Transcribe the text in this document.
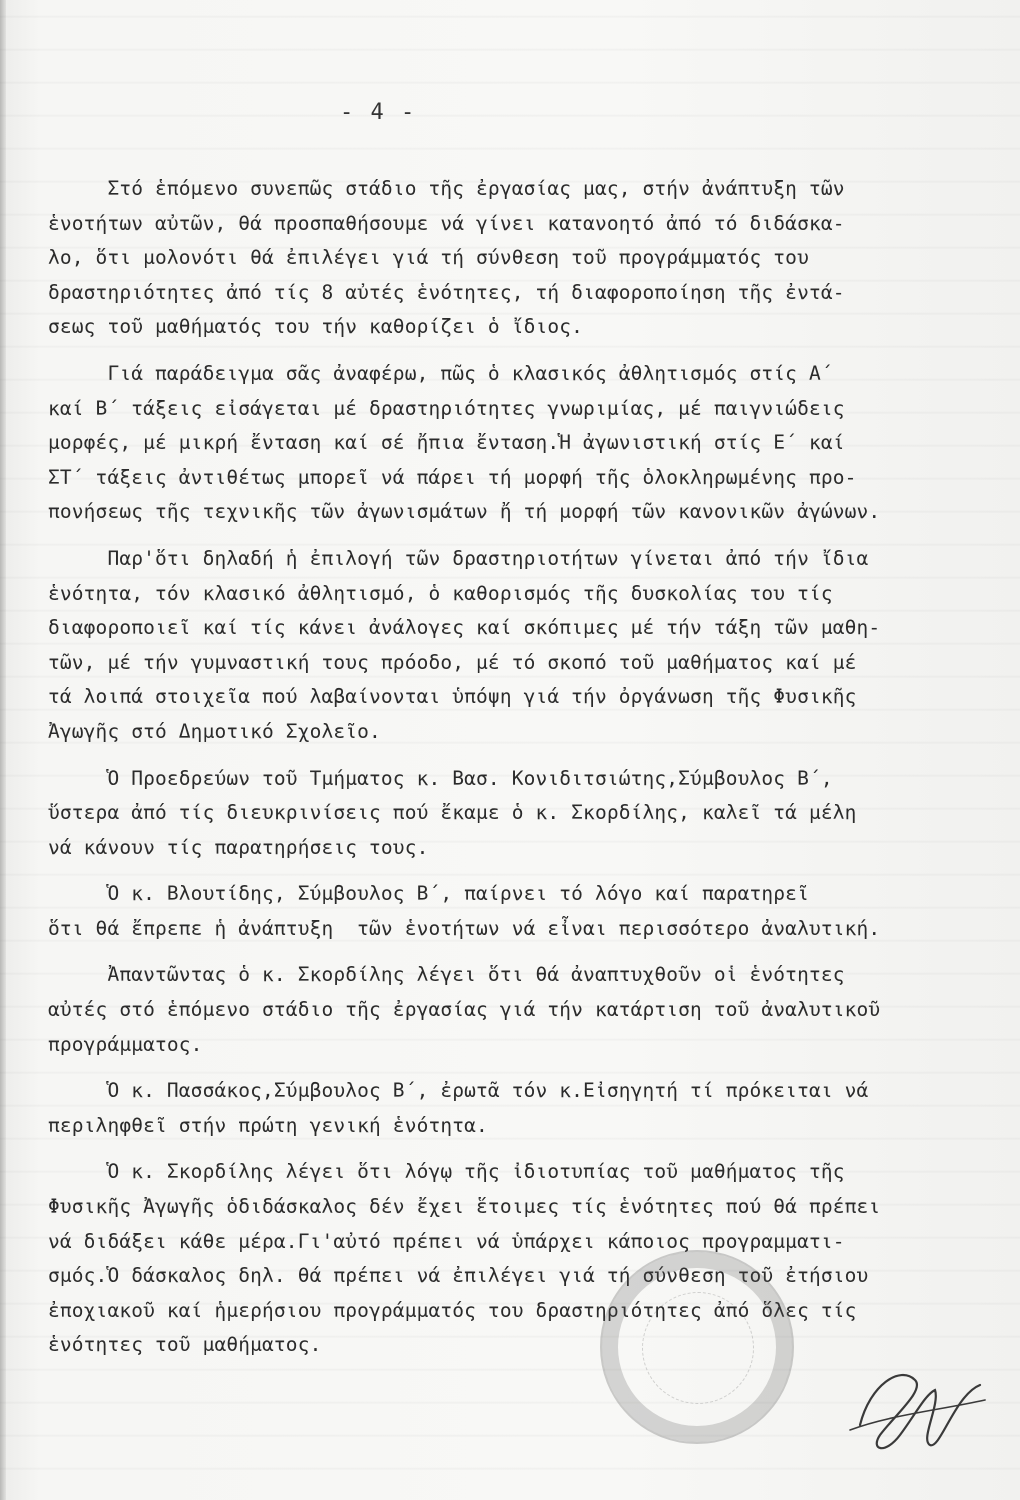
- 4 -

Στό ἑπόμενο συνεπῶς στάδιο τῆς ἐργασίας μας, στήν ἀνάπτυξη τῶν
ἑνοτήτων αὐτῶν, θά προσπαθήσουμε νά γίνει κατανοητό ἀπό τό διδάσκα-
λο, ὅτι μολονότι θά ἐπιλέγει γιά τή σύνθεση τοῦ προγράμματός του
δραστηριότητες ἀπό τίς 8 αὐτές ἑνότητες, τή διαφοροποίηση τῆς ἐντά-
σεως τοῦ μαθήματός του τήν καθορίζει ὁ ἴδιος.

Γιά παράδειγμα σᾶς ἀναφέρω, πῶς ὁ κλασικός ἀθλητισμός στίς Α΄
καί Β΄ τάξεις εἰσάγεται μέ δραστηριότητες γνωριμίας, μέ παιγνιώδεις
μορφές, μέ μικρή ἔνταση καί σέ ἤπια ἔνταση.Ἡ ἀγωνιστική στίς Ε΄ καί
ΣΤ΄ τάξεις ἀντιθέτως μπορεῖ νά πάρει τή μορφή τῆς ὁλοκληρωμένης προ-
πονήσεως τῆς τεχνικῆς τῶν ἀγωνισμάτων ἤ τή μορφή τῶν κανονικῶν ἀγώνων.

Παρ'ὅτι δηλαδή ἡ ἐπιλογή τῶν δραστηριοτήτων γίνεται ἀπό τήν ἴδια
ἑνότητα, τόν κλασικό ἀθλητισμό, ὁ καθορισμός τῆς δυσκολίας του τίς
διαφοροποιεῖ καί τίς κάνει ἀνάλογες καί σκόπιμες μέ τήν τάξη τῶν μαθη-
τῶν, μέ τήν γυμναστική τους πρόοδο, μέ τό σκοπό τοῦ μαθήματος καί μέ
τά λοιπά στοιχεῖα πού λαβαίνονται ὑπόψη γιά τήν ὀργάνωση τῆς Φυσικῆς
Ἀγωγῆς στό Δημοτικό Σχολεῖο.

Ὁ Προεδρεύων τοῦ Τμήματος κ. Βασ. Κονιδιτσιώτης,Σύμβουλος Β΄,
ὕστερα ἀπό τίς διευκρινίσεις πού ἔκαμε ὁ κ. Σκορδίλης, καλεῖ τά μέλη
νά κάνουν τίς παρατηρήσεις τους.

Ὁ κ. Βλουτίδης, Σύμβουλος Β΄, παίρνει τό λόγο καί παρατηρεῖ
ὅτι θά ἔπρεπε ἡ ἀνάπτυξη  τῶν ἑνοτήτων νά εἶναι περισσότερο ἀναλυτική.

Ἀπαντῶντας ὁ κ. Σκορδίλης λέγει ὅτι θά ἀναπτυχθοῦν οἱ ἑνότητες
αὐτές στό ἑπόμενο στάδιο τῆς ἐργασίας γιά τήν κατάρτιση τοῦ ἀναλυτικοῦ
προγράμματος.

Ὁ κ. Πασσάκος,Σύμβουλος Β΄, ἐρωτᾶ τόν κ.Εἰσηγητή τί πρόκειται νά
περιληφθεῖ στήν πρώτη γενική ἑνότητα.

Ὁ κ. Σκορδίλης λέγει ὅτι λόγῳ τῆς ἰδιοτυπίας τοῦ μαθήματος τῆς
Φυσικῆς Ἀγωγῆς ὁδιδάσκαλος δέν ἔχει ἕτοιμες τίς ἑνότητες πού θά πρέπει
νά διδάξει κάθε μέρα.Γι'αὐτό πρέπει νά ὑπάρχει κάποιος προγραμματι-
σμός.Ὁ δάσκαλος δηλ. θά πρέπει νά ἐπιλέγει γιά τή σύνθεση τοῦ ἐτήσιου
ἐποχιακοῦ καί ἡμερήσιου προγράμματός του δραστηριότητες ἀπό ὅλες τίς
ἑνότητες τοῦ μαθήματος.
